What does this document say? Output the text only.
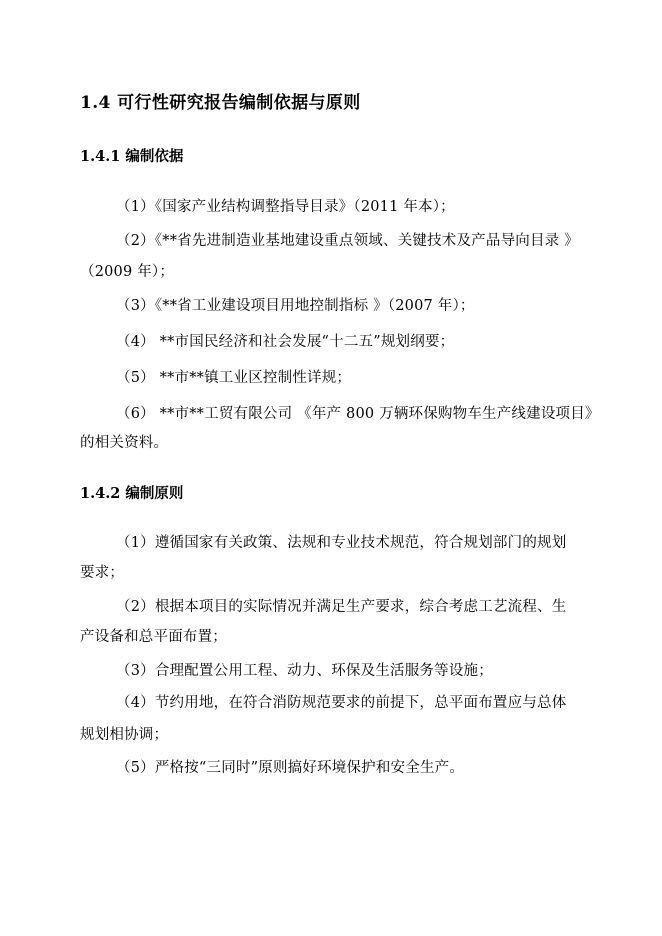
1.4 可行性研究报告编制依据与原则
1.4.1 编制依据
（1）《国家产业结构调整指导目录》（2011 年本）；
（2）《**省先进制造业基地建设重点领域、关键技术及产品导向目录 》
（2009 年）；
（3）《**省工业建设项目用地控制指标 》（2007 年）；
（4） **市国民经济和社会发展“十二五”规划纲要；
（5） **市**镇工业区控制性详规；
（6） **市**工贸有限公司 《年产 800 万辆环保购物车生产线建设项目》
的相关资料。
1.4.2 编制原则
（1）遵循国家有关政策、法规和专业技术规范，符合规划部门的规划
要求；
（2）根据本项目的实际情况并满足生产要求，综合考虑工艺流程、生
产设备和总平面布置；
（3）合理配置公用工程、动力、环保及生活服务等设施；
（4）节约用地，在符合消防规范要求的前提下，总平面布置应与总体
规划相协调；
（5）严格按“三同时”原则搞好环境保护和安全生产。
